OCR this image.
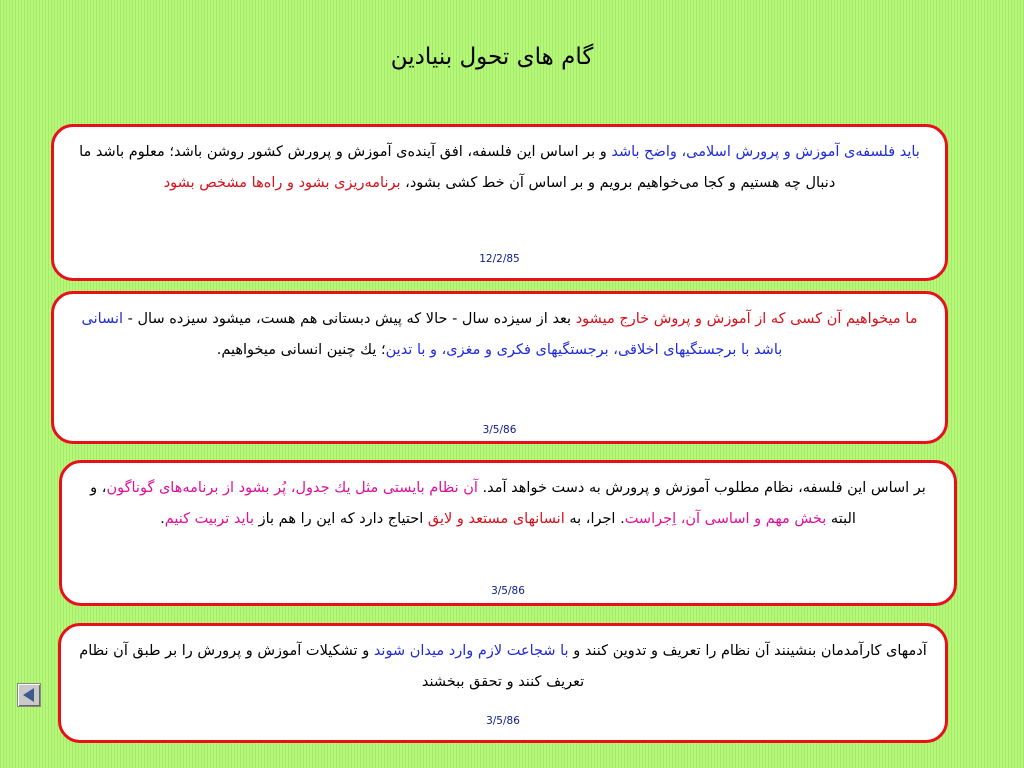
گام های تحول بنیادین

باید فلسفه‌ی آموزش و پرورش اسلامی، واضح باشد و بر اساس این فلسفه، افق آینده‌ی آموزش و پرورش کشور روشن باشد؛ معلوم باشد ما دنبال چه هستیم و کجا می‌خواهیم برویم و بر اساس آن خط کشی بشود، برنامه‌ریزی بشود و راه‌ها مشخص بشود

12/2/85

ما میخواهیم آن کسی که از آموزش و پروش خارج میشود بعد از سیزده سال - حالا که پیش دبستانی هم هست، میشود سیزده سال - انسانی باشد با برجستگیهای اخلاقی، برجستگیهای فکری و مغزی، و با تدین؛ یك چنین انسانی میخواهیم.

3/5/86

بر اساس این فلسفه، نظام مطلوب آموزش و پرورش به دست خواهد آمد. آن نظام بایستی مثل یك جدول، پُر بشود از برنامه‌های گوناگون، و البته بخش مهم و اساسی آن، اِجراست. اجرا، به انسانهای مستعد و لایق احتیاج دارد که این را هم باز باید تربیت کنیم.

3/5/86

آدمهای كارآمدمان بنشینند آن نظام را تعریف و تدوین كنند و با شجاعت لازم وارد میدان شوند و تشكیلات آموزش و پرورش را بر طبق آن نظام تعریف كنند و تحقق ببخشند

3/5/86
